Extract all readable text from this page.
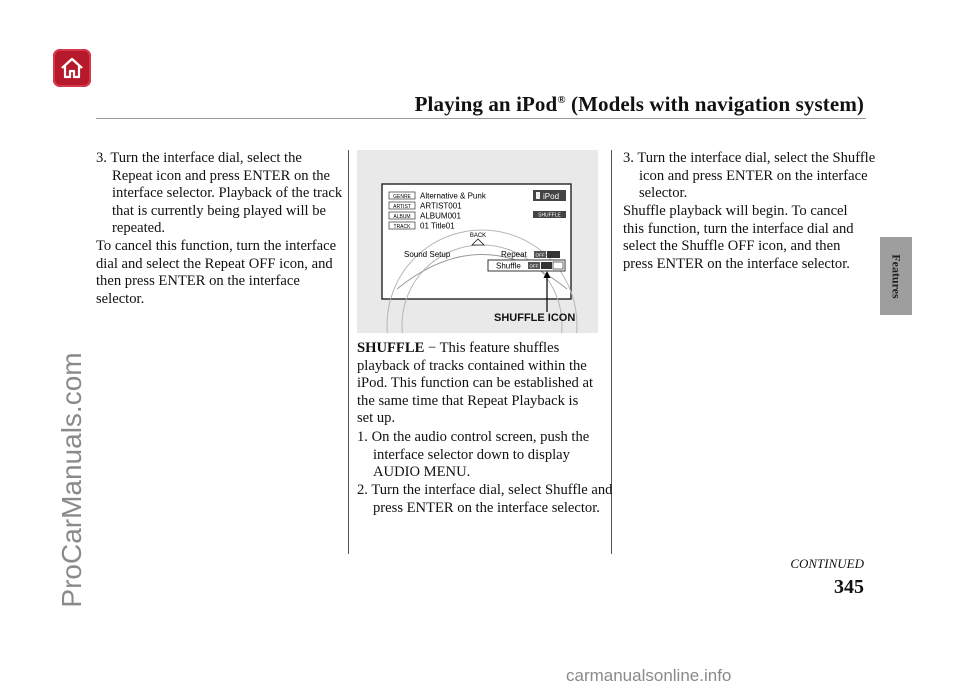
Playing an iPod® (Models with navigation system)
Features
3. Turn the interface dial, select the Repeat icon and press ENTER on the interface selector. Playback of the track that is currently being played will be repeated.
To cancel this function, turn the interface dial and select the Repeat OFF icon, and then press ENTER on the interface selector.
GENRE
ARTIST
ALBUM
TRACK
Alternative & Punk
ARTIST001
ALBUM001
01 Title01
iPod
SHUFFLE
BACK
Sound Setup	Repeat OFF
Shuffle OFF
SHUFFLE ICON
SHUFFLE − This feature shuffles playback of tracks contained within the iPod. This function can be established at the same time that Repeat Playback is set up.
1. On the audio control screen, push the interface selector down to display AUDIO MENU.
2. Turn the interface dial, select Shuffle and press ENTER on the interface selector.
3. Turn the interface dial, select the Shuffle icon and press ENTER on the interface selector.
Shuffle playback will begin. To cancel this function, turn the interface dial and select the Shuffle OFF icon, and then press ENTER on the interface selector.
CONTINUED
345
ProCarManuals.com
carmanualsonline.info
